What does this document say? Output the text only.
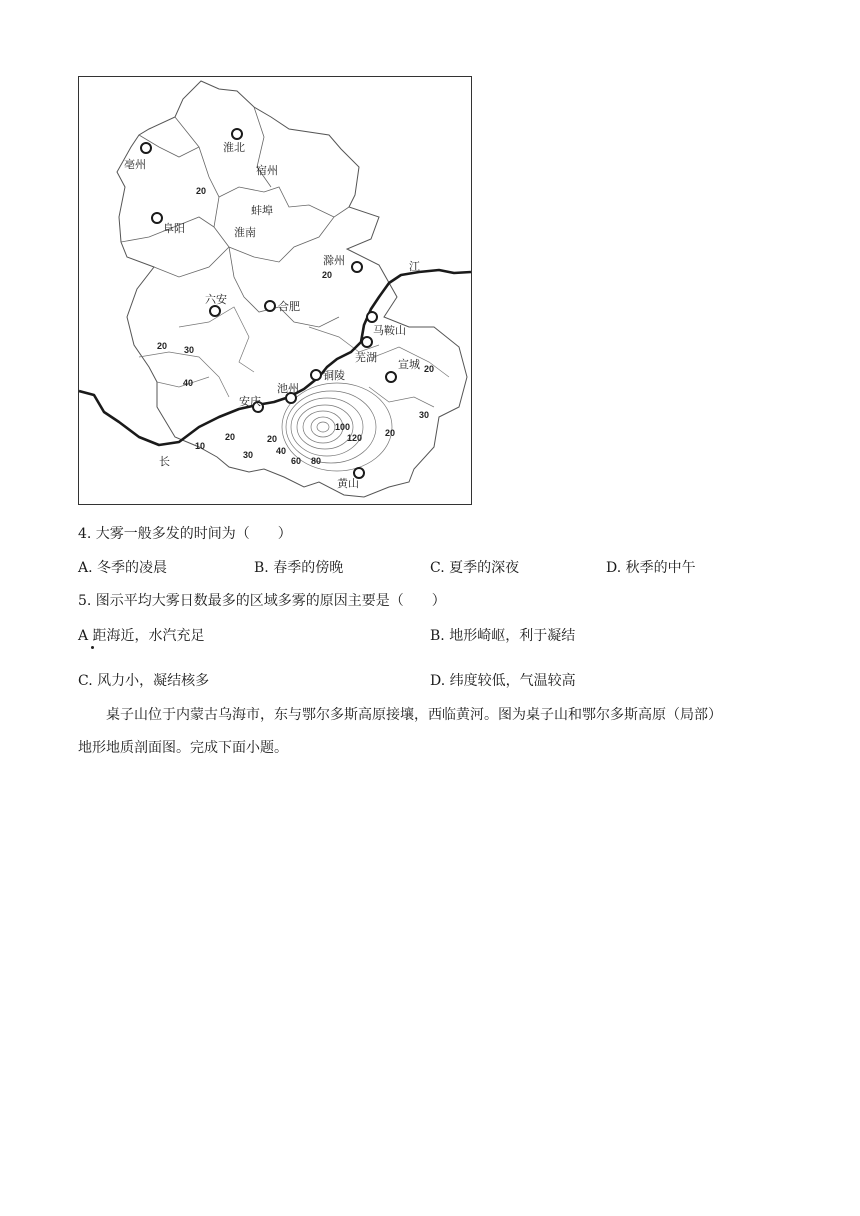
亳州
淮北
宿州
阜阳
蚌埠
淮南
滁州
六安
合肥
马鞍山
芜湖
宣城
铜陵
池州
安庆
黄山
江
长
20
20
20 30
40
20
30
20
10
20
30	40
60 80
100
120
20
4. 大雾一般多发的时间为（　　）
A. 冬季的凌晨	B. 春季的傍晚	C. 夏季的深夜	D. 秋季的中午
5. 图示平均大雾日数最多的区域多雾的原因主要是（　　）
A 距海近，水汽充足	B. 地形崎岖，利于凝结
C. 风力小，凝结核多	D. 纬度较低，气温较高
桌子山位于内蒙古乌海市，东与鄂尔多斯高原接壤，西临黄河。图为桌子山和鄂尔多斯高原（局部）
地形地质剖面图。完成下面小题。
